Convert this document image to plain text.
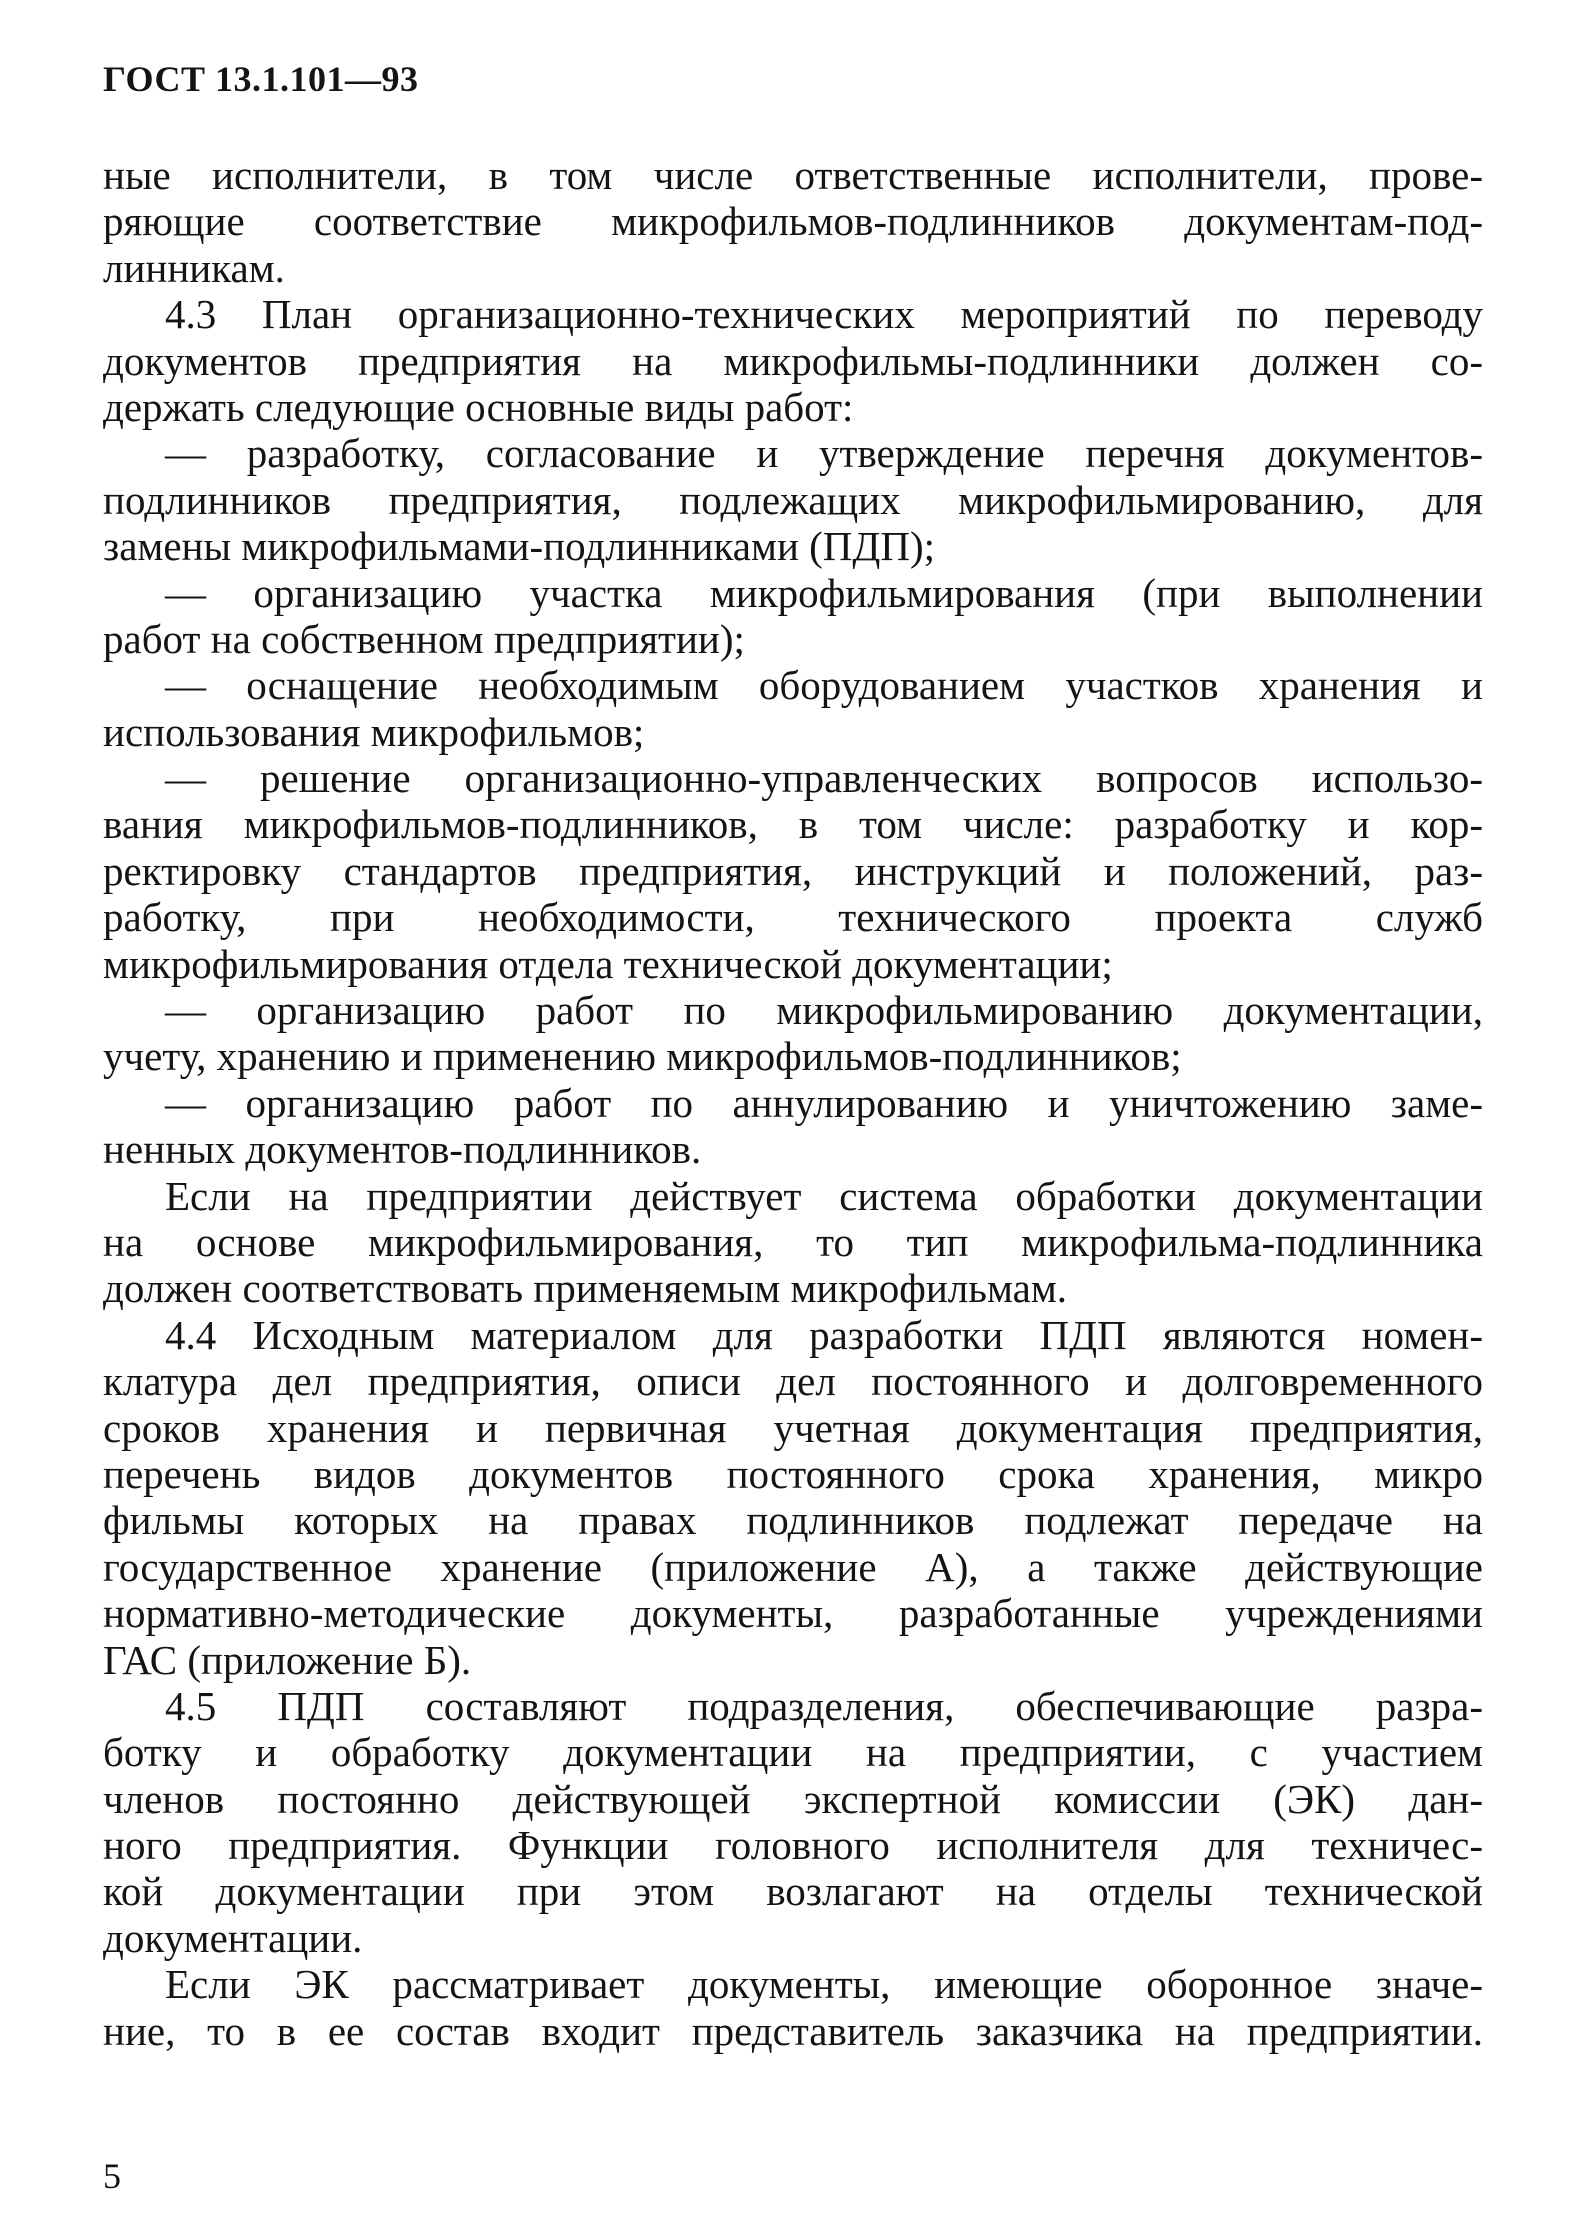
ГОСТ 13.1.101—93
ные исполнители, в том числе ответственные исполнители, прове-
ряющие соответствие микрофильмов-подлинников документам-под-
линникам.
4.3 План организационно-технических мероприятий по переводу
документов предприятия на микрофильмы-подлинники должен со-
держать следующие основные виды работ:
— разработку, согласование и утверждение перечня документов-
подлинников предприятия, подлежащих микрофильмированию, для
замены микрофильмами-подлинниками (ПДП);
— организацию участка микрофильмирования (при выполнении
работ на собственном предприятии);
— оснащение необходимым оборудованием участков хранения и
использования микрофильмов;
— решение организационно-управленческих вопросов использо-
вания микрофильмов-подлинников, в том числе: разработку и кор-
ректировку стандартов предприятия, инструкций и положений, раз-
работку, при необходимости, технического проекта служб
микрофильмирования отдела технической документации;
— организацию работ по микрофильмированию документации,
учету, хранению и применению микрофильмов-подлинников;
— организацию работ по аннулированию и уничтожению заме-
ненных документов-подлинников.
Если на предприятии действует система обработки документации
на основе микрофильмирования, то тип микрофильма-подлинника
должен соответствовать применяемым микрофильмам.
4.4 Исходным материалом для разработки ПДП являются номен-
клатура дел предприятия, описи дел постоянного и долговременного
сроков хранения и первичная учетная документация предприятия,
перечень видов документов постоянного срока хранения, микро
фильмы которых на правах подлинников подлежат передаче на
государственное хранение (приложение А), а также действующие
нормативно-методические документы, разработанные учреждениями
ГАС (приложение Б).
4.5 ПДП составляют подразделения, обеспечивающие разра-
ботку и обработку документации на предприятии, с участием
членов постоянно действующей экспертной комиссии (ЭК) дан-
ного предприятия. Функции головного исполнителя для техничес-
кой документации при этом возлагают на отделы технической
документации.
Если ЭК рассматривает документы, имеющие оборонное значе-
ние, то в ее состав входит представитель заказчика на предприятии.
5
